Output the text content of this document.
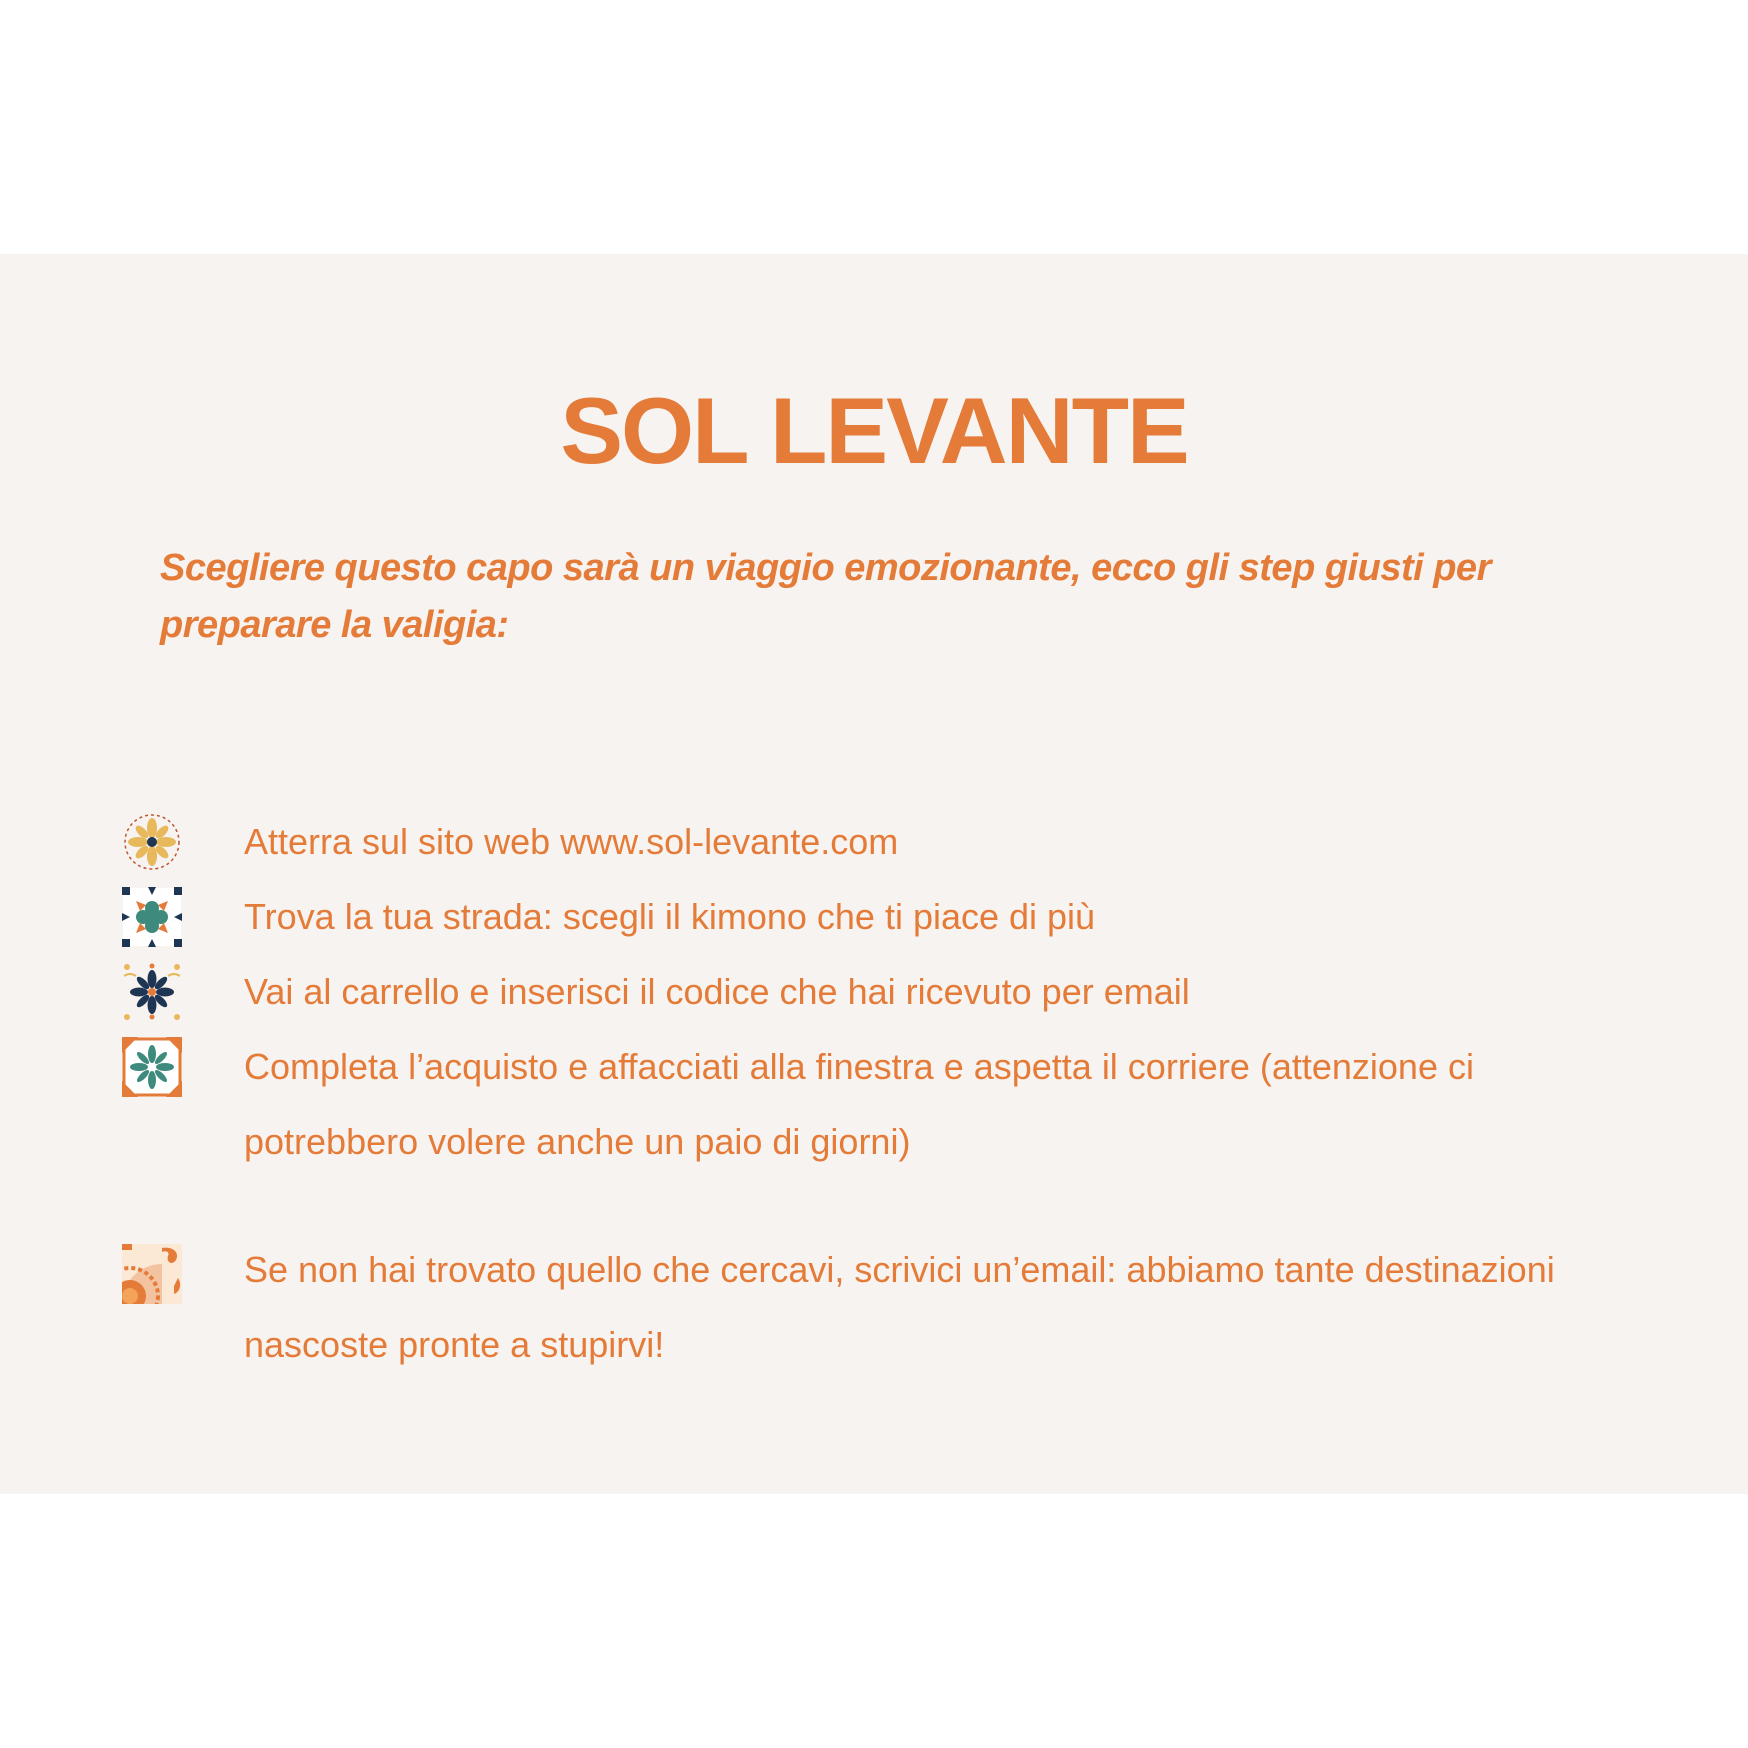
SOL LEVANTE
Scegliere questo capo sarà un viaggio emozionante, ecco gli step giusti per preparare la valigia:
Atterra sul sito web www.sol-levante.com
Trova la tua strada: scegli il kimono che ti piace di più
Vai al carrello e inserisci il codice che hai ricevuto per email
Completa l’acquisto e affacciati alla finestra e aspetta il corriere (attenzione ci potrebbero volere anche un paio di giorni)
Se non hai trovato quello che cercavi, scrivici un’email: abbiamo tante destinazioni nascoste pronte a stupirvi!
